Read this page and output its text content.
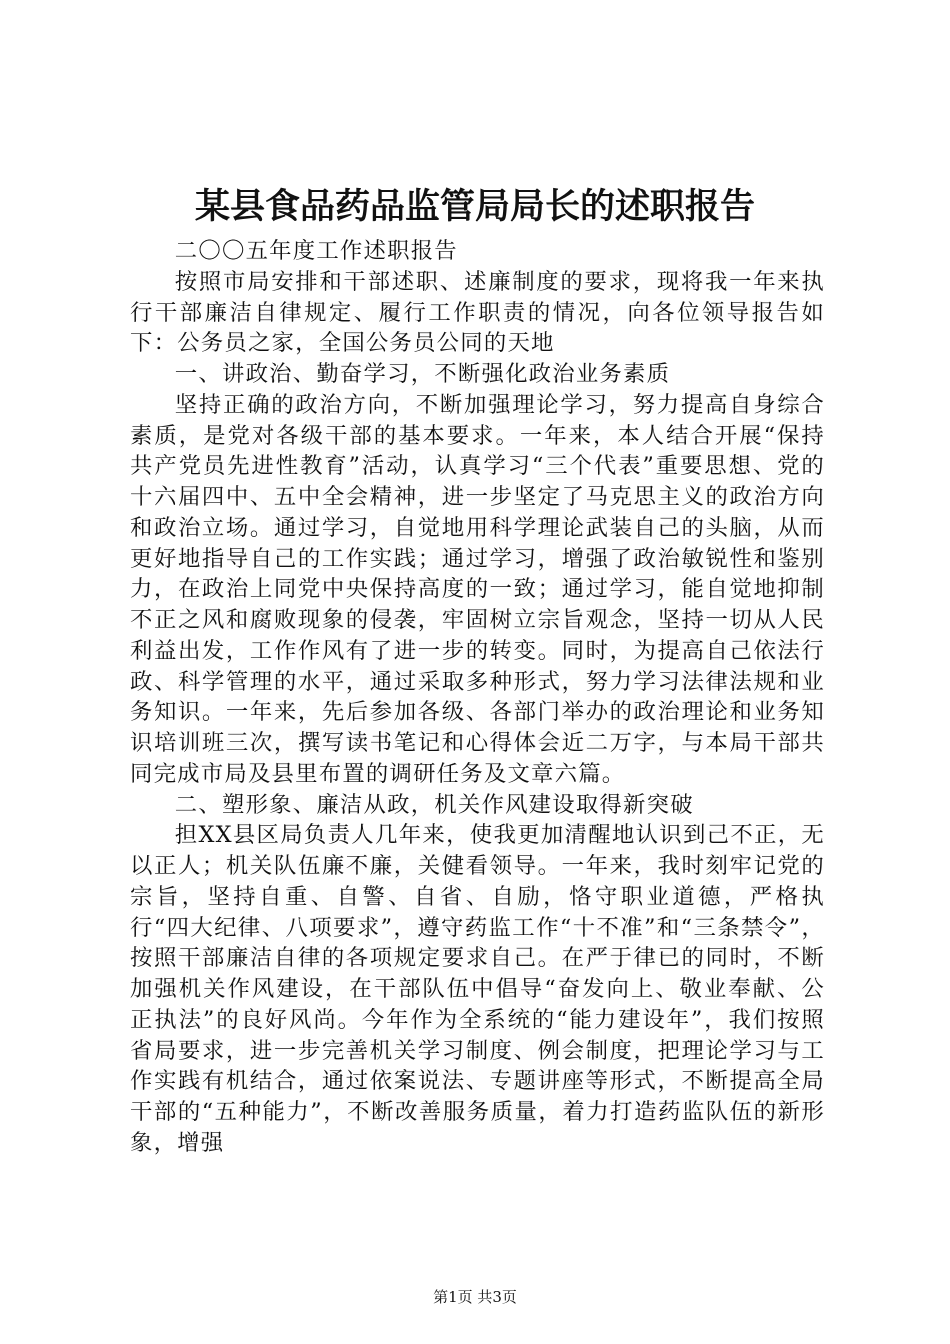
某县食品药品监管局局长的述职报告

二〇〇五年度工作述职报告

按照市局安排和干部述职、述廉制度的要求，现将我一年来执行干部廉洁自律规定、履行工作职责的情况，向各位领导报告如下：公务员之家，全国公务员公同的天地

一、讲政治、勤奋学习，不断强化政治业务素质

坚持正确的政治方向，不断加强理论学习，努力提高自身综合素质，是党对各级干部的基本要求。一年来，本人结合开展“保持共产党员先进性教育”活动，认真学习“三个代表”重要思想、党的十六届四中、五中全会精神，进一步坚定了马克思主义的政治方向和政治立场。通过学习，自觉地用科学理论武装自己的头脑，从而更好地指导自己的工作实践；通过学习，增强了政治敏锐性和鉴别力，在政治上同党中央保持高度的一致；通过学习，能自觉地抑制不正之风和腐败现象的侵袭，牢固树立宗旨观念，坚持一切从人民利益出发，工作作风有了进一步的转变。同时，为提高自己依法行政、科学管理的水平，通过采取多种形式，努力学习法律法规和业务知识。一年来，先后参加各级、各部门举办的政治理论和业务知识培训班三次，撰写读书笔记和心得体会近二万字，与本局干部共同完成市局及县里布置的调研任务及文章六篇。

二、塑形象、廉洁从政，机关作风建设取得新突破

担XX县区局负责人几年来，使我更加清醒地认识到己不正，无以正人；机关队伍廉不廉，关健看领导。一年来，我时刻牢记党的宗旨，坚持自重、自警、自省、自励，恪守职业道德，严格执行“四大纪律、八项要求”，遵守药监工作“十不准”和“三条禁令”，按照干部廉洁自律的各项规定要求自己。在严于律已的同时，不断加强机关作风建设，在干部队伍中倡导“奋发向上、敬业奉献、公正执法”的良好风尚。今年作为全系统的“能力建设年”，我们按照省局要求，进一步完善机关学习制度、例会制度，把理论学习与工作实践有机结合，通过依案说法、专题讲座等形式，不断提高全局干部的“五种能力”，不断改善服务质量，着力打造药监队伍的新形象，增强

第1页 共3页
